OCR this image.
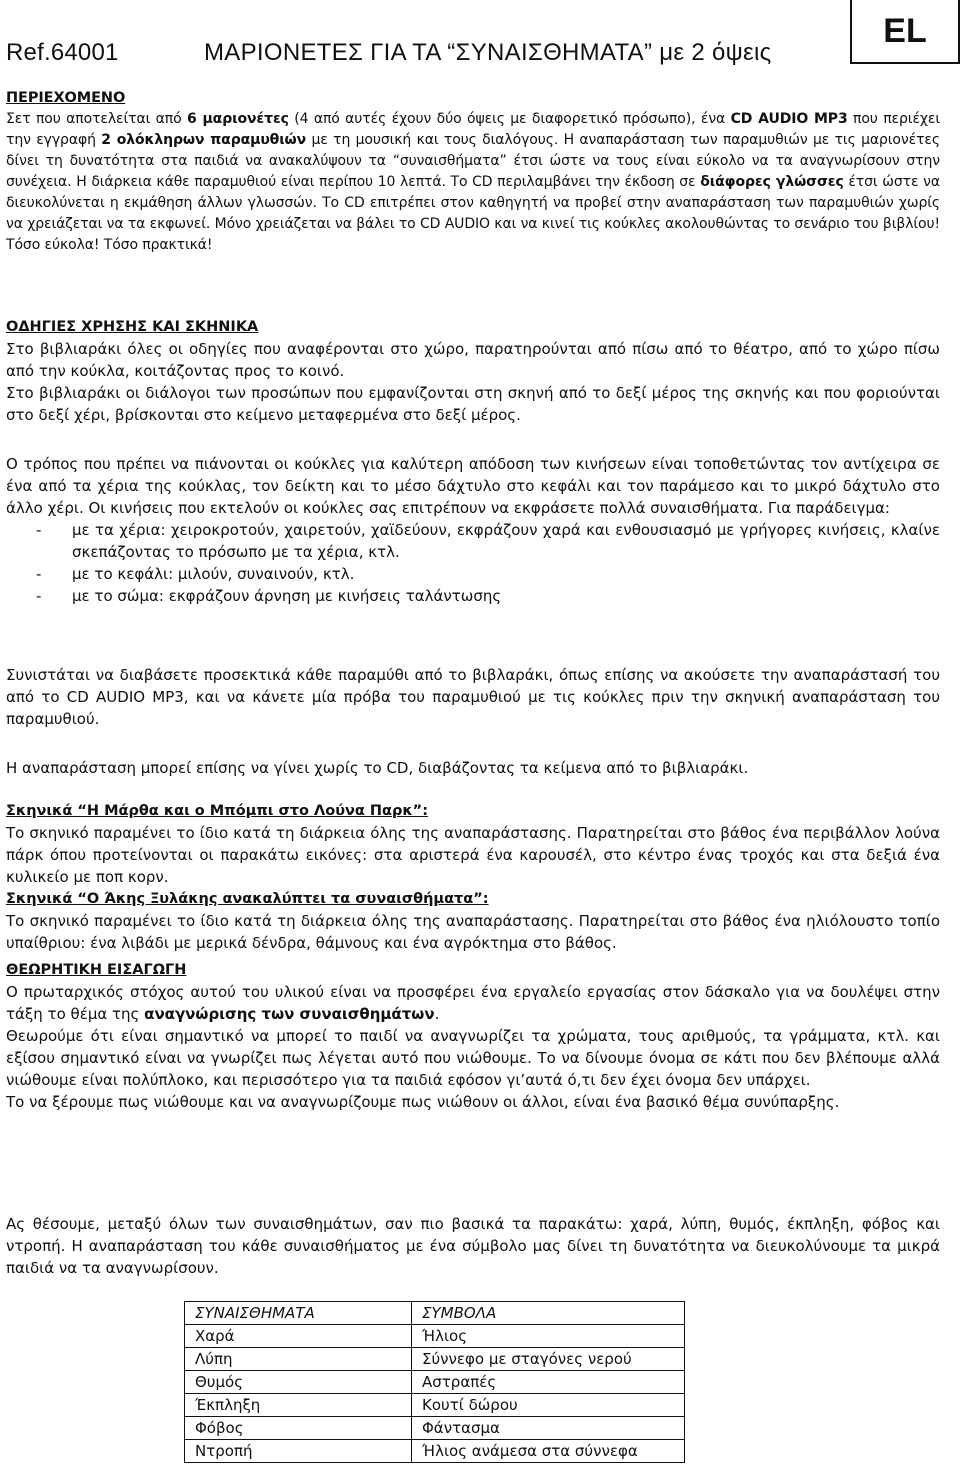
Ref.64001	ΜΑΡΙΟΝΕΤΕΣ ΓΙΑ ΤΑ “ΣΥΝΑΙΣΘΗΜΑΤΑ” με 2 όψεις
EL
ΠΕΡΙΕΧΟΜΕΝΟ
Σετ που αποτελείται από 6 μαριονέτες (4 από αυτές έχουν δύο όψεις με διαφορετικό πρόσωπο), ένα CD AUDIO MP3 που περιέχει την εγγραφή 2 ολόκληρων παραμυθιών με τη μουσική και τους διαλόγους. Η αναπαράσταση των παραμυθιών με τις μαριονέτες δίνει τη δυνατότητα στα παιδιά να ανακαλύψουν τα “συναισθήματα” έτσι ώστε να τους είναι εύκολο να τα αναγνωρίσουν στην συνέχεια. Η διάρκεια κάθε παραμυθιού είναι περίπου 10 λεπτά. Το CD περιλαμβάνει την έκδοση σε διάφορες γλώσσες έτσι ώστε να διευκολύνεται η εκμάθηση άλλων γλωσσών. Το CD επιτρέπει στον καθηγητή να προβεί στην αναπαράσταση των παραμυθιών χωρίς να χρειάζεται να τα εκφωνεί. Μόνο χρειάζεται να βάλει το CD AUDIO και να κινεί τις κούκλες ακολουθώντας το σενάριο του βιβλίου! Τόσο εύκολα! Τόσο πρακτικά!
ΟΔΗΓΙΕΣ ΧΡΗΣΗΣ ΚΑΙ ΣΚΗΝΙΚΑ
Στο βιβλιαράκι όλες οι οδηγίες που αναφέρονται στο χώρο, παρατηρούνται από πίσω από το θέατρο, από το χώρο πίσω από την κούκλα, κοιτάζοντας προς το κοινό.
Στο βιβλιαράκι οι διάλογοι των προσώπων που εμφανίζονται στη σκηνή από το δεξί μέρος της σκηνής και που φοριούνται στο δεξί χέρι, βρίσκονται στο κείμενο μεταφερμένα στο δεξί μέρος.
Ο τρόπος που πρέπει να πιάνονται οι κούκλες για καλύτερη απόδοση των κινήσεων είναι τοποθετώντας τον αντίχειρα σε ένα από τα χέρια της κούκλας, τον δείκτη και το μέσο δάχτυλο στο κεφάλι και τον παράμεσο και το μικρό δάχτυλο στο άλλο χέρι. Οι κινήσεις που εκτελούν οι κούκλες σας επιτρέπουν να εκφράσετε πολλά συναισθήματα. Για παράδειγμα:
- με τα χέρια: χειροκροτούν, χαιρετούν, χαϊδεύουν, εκφράζουν χαρά και ενθουσιασμό με γρήγορες κινήσεις, κλαίνε σκεπάζοντας το πρόσωπο με τα χέρια, κτλ.
- με το κεφάλι: μιλούν, συναινούν, κτλ.
- με το σώμα: εκφράζουν άρνηση με κινήσεις ταλάντωσης
Συνιστάται να διαβάσετε προσεκτικά κάθε παραμύθι από το βιβλαράκι, όπως επίσης να ακούσετε την αναπαράστασή του από το CD AUDIO MP3, και να κάνετε μία πρόβα του παραμυθιού με τις κούκλες πριν την σκηνική αναπαράσταση του παραμυθιού.
Η αναπαράσταση μπορεί επίσης να γίνει χωρίς το CD, διαβάζοντας τα κείμενα από το βιβλιαράκι.
Σκηνικά “Η Μάρθα και ο Μπόμπι στο Λούνα Παρκ”:
Το σκηνικό παραμένει το ίδιο κατά τη διάρκεια όλης της αναπαράστασης. Παρατηρείται στο βάθος ένα περιβάλλον λούνα πάρκ όπου προτείνονται οι παρακάτω εικόνες: στα αριστερά ένα καρουσέλ, στο κέντρο ένας τροχός και στα δεξιά ένα κυλικείο με ποπ κορν.
Σκηνικά “Ο Άκης Ξυλάκης ανακαλύπτει τα συναισθήματα”:
Το σκηνικό παραμένει το ίδιο κατά τη διάρκεια όλης της αναπαράστασης. Παρατηρείται στο βάθος ένα ηλιόλουστο τοπίο υπαίθριου: ένα λιβάδι με μερικά δένδρα, θάμνους και ένα αγρόκτημα στο βάθος.
ΘΕΩΡΗΤΙΚΗ ΕΙΣΑΓΩΓΗ
Ο πρωταρχικός στόχος αυτού του υλικού είναι να προσφέρει ένα εργαλείο εργασίας στον δάσκαλο για να δουλέψει στην τάξη το θέμα της αναγνώρισης των συναισθημάτων.
Θεωρούμε ότι είναι σημαντικό να μπορεί το παιδί να αναγνωρίζει τα χρώματα, τους αριθμούς, τα γράμματα, κτλ. και εξίσου σημαντικό είναι να γνωρίζει πως λέγεται αυτό που νιώθουμε. Το να δίνουμε όνομα σε κάτι που δεν βλέπουμε αλλά νιώθουμε είναι πολύπλοκο, και περισσότερο για τα παιδιά εφόσον γι’αυτά ό,τι δεν έχει όνομα δεν υπάρχει.
Το να ξέρουμε πως νιώθουμε και να αναγνωρίζουμε πως νιώθουν οι άλλοι, είναι ένα βασικό θέμα συνύπαρξης.
Ας θέσουμε, μεταξύ όλων των συναισθημάτων, σαν πιο βασικά τα παρακάτω: χαρά, λύπη, θυμός, έκπληξη, φόβος και ντροπή. Η αναπαράσταση του κάθε συναισθήματος με ένα σύμβολο μας δίνει τη δυνατότητα να διευκολύνουμε τα μικρά παιδιά να τα αναγνωρίσουν.
ΣΥΝΑΙΣΘΗΜΑΤΑ	ΣΥΜΒΟΛΑ
Χαρά	Ήλιος
Λύπη	Σύννεφο με σταγόνες νερού
Θυμός	Αστραπές
Έκπληξη	Κουτί δώρου
Φόβος	Φάντασμα
Ντροπή	Ήλιος ανάμεσα στα σύννεφα
